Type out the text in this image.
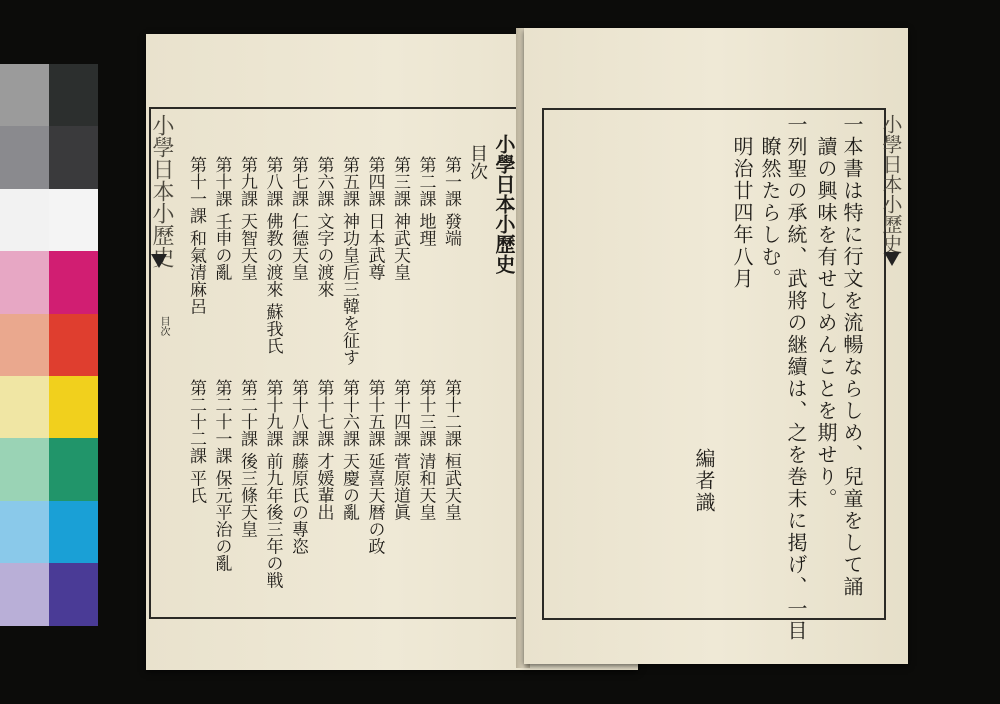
小學日本小歷史
目次
小學日本小歷史
目次
第一課 發端
第二課 地理
第三課 神武天皇
第四課 日本武尊
第五課 神功皇后三韓を征す
第六課 文字の渡來
第七課 仁德天皇
第八課 佛教の渡來 蘇我氏
第九課 天智天皇
第十課 壬申の亂
第十一課 和氣清麻呂
第十二課 桓武天皇
第十三課 清和天皇
第十四課 菅原道眞
第十五課 延喜天暦の政
第十六課 天慶の亂
第十七課 才媛輩出
第十八課 藤原氏の專恣
第十九課 前九年後三年の戦
第二十課 後三條天皇
第二十一課 保元平治の亂
第二十二課 平氏
小學日本小歷史
一本書は特に行文を流暢ならしめ、兒童をして誦
讀の興味を有せしめんことを期せり。
一列聖の承統、武將の継續は、之を巻末に掲げ、一目
瞭然たらしむ。
明治廿四年八月
編者識
